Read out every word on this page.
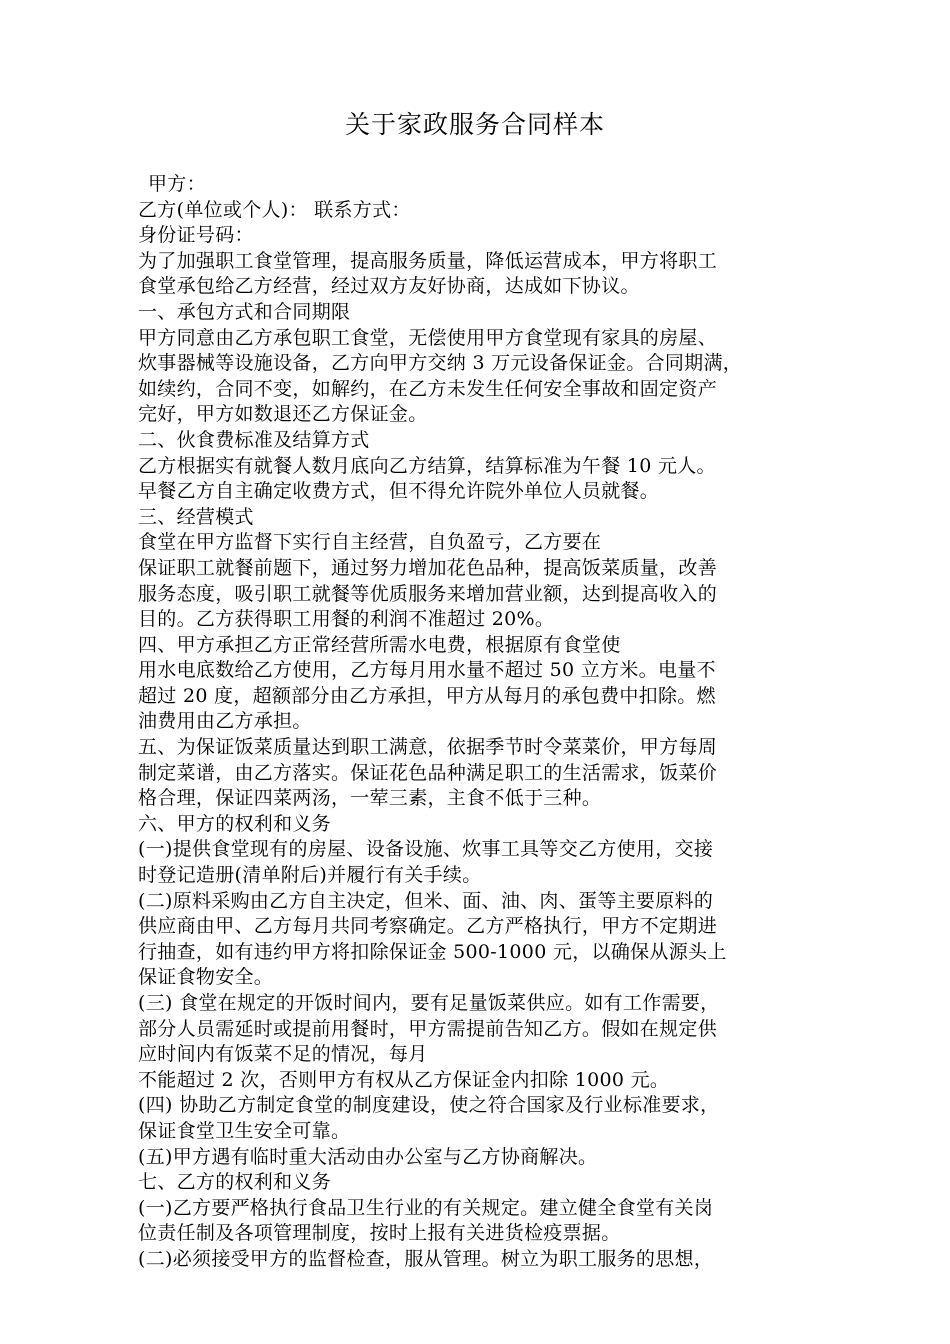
关于家政服务合同样本
甲方：
乙方(单位或个人)： 联系方式：
身份证号码：
为了加强职工食堂管理，提高服务质量，降低运营成本，甲方将职工
食堂承包给乙方经营，经过双方友好协商，达成如下协议。
一、承包方式和合同期限
甲方同意由乙方承包职工食堂，无偿使用甲方食堂现有家具的房屋、
炊事器械等设施设备，乙方向甲方交纳 3 万元设备保证金。合同期满，
如续约，合同不变，如解约，在乙方未发生任何安全事故和固定资产
完好，甲方如数退还乙方保证金。
二、伙食费标准及结算方式
乙方根据实有就餐人数月底向乙方结算，结算标准为午餐 10 元人。
早餐乙方自主确定收费方式，但不得允许院外单位人员就餐。
三、经营模式
食堂在甲方监督下实行自主经营，自负盈亏，乙方要在
保证职工就餐前题下，通过努力增加花色品种，提高饭菜质量，改善
服务态度，吸引职工就餐等优质服务来增加营业额，达到提高收入的
目的。乙方获得职工用餐的利润不准超过 20%。
四、甲方承担乙方正常经营所需水电费，根据原有食堂使
用水电底数给乙方使用，乙方每月用水量不超过 50 立方米。电量不
超过 20 度，超额部分由乙方承担，甲方从每月的承包费中扣除。燃
油费用由乙方承担。
五、为保证饭菜质量达到职工满意，依据季节时令菜菜价，甲方每周
制定菜谱，由乙方落实。保证花色品种满足职工的生活需求，饭菜价
格合理，保证四菜两汤，一荤三素，主食不低于三种。
六、甲方的权利和义务
(一)提供食堂现有的房屋、设备设施、炊事工具等交乙方使用，交接
时登记造册(清单附后)并履行有关手续。
(二)原料采购由乙方自主决定，但米、面、油、肉、蛋等主要原料的
供应商由甲、乙方每月共同考察确定。乙方严格执行，甲方不定期进
行抽查，如有违约甲方将扣除保证金 500-1000 元，以确保从源头上
保证食物安全。
(三) 食堂在规定的开饭时间内，要有足量饭菜供应。如有工作需要，
部分人员需延时或提前用餐时，甲方需提前告知乙方。假如在规定供
应时间内有饭菜不足的情况，每月
不能超过 2 次，否则甲方有权从乙方保证金内扣除 1000 元。
(四) 协助乙方制定食堂的制度建设，使之符合国家及行业标准要求，
保证食堂卫生安全可靠。
(五)甲方遇有临时重大活动由办公室与乙方协商解决。
七、乙方的权利和义务
(一)乙方要严格执行食品卫生行业的有关规定。建立健全食堂有关岗
位责任制及各项管理制度，按时上报有关进货检疫票据。
(二)必须接受甲方的监督检查，服从管理。树立为职工服务的思想，
